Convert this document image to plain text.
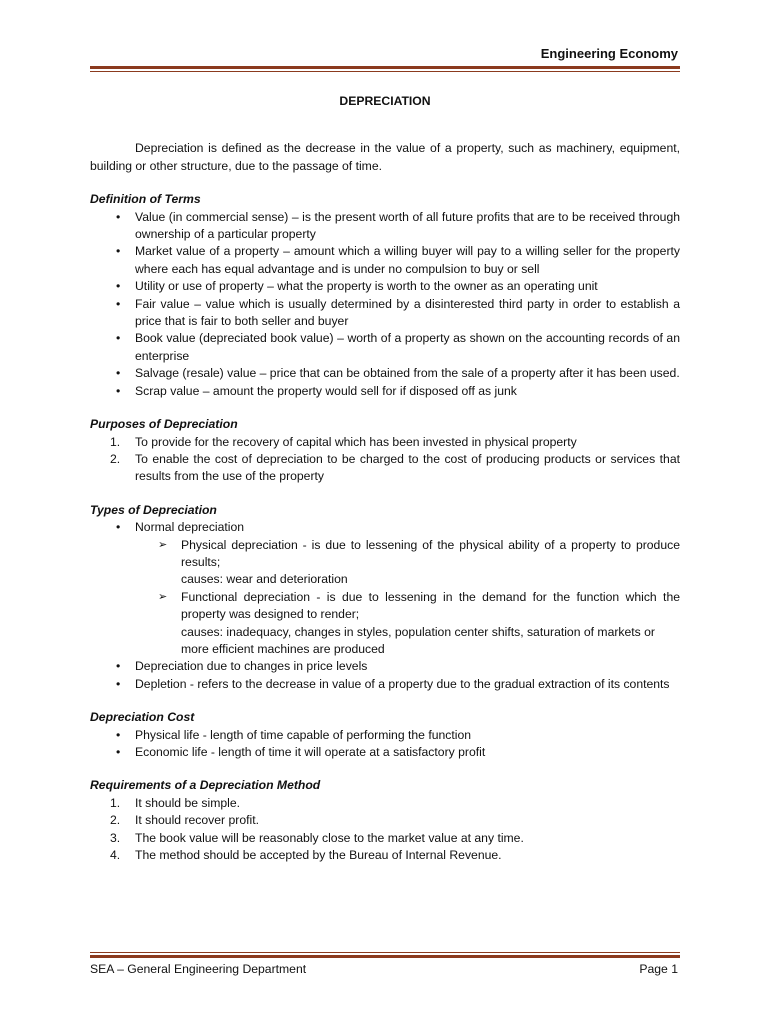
Engineering Economy

DEPRECIATION

Depreciation is defined as the decrease in the value of a property, such as machinery, equipment, building or other structure, due to the passage of time.

Definition of Terms

• Value (in commercial sense) – is the present worth of all future profits that are to be received through ownership of a particular property
• Market value of a property – amount which a willing buyer will pay to a willing seller for the property where each has equal advantage and is under no compulsion to buy or sell
• Utility or use of property – what the property is worth to the owner as an operating unit
• Fair value – value which is usually determined by a disinterested third party in order to establish a price that is fair to both seller and buyer
• Book value (depreciated book value) – worth of a property as shown on the accounting records of an enterprise
• Salvage (resale) value – price that can be obtained from the sale of a property after it has been used.
• Scrap value – amount the property would sell for if disposed off as junk

Purposes of Depreciation

1. To provide for the recovery of capital which has been invested in physical property
2. To enable the cost of depreciation to be charged to the cost of producing products or services that results from the use of the property

Types of Depreciation

• Normal depreciation
➢ Physical depreciation - is due to lessening of the physical ability of a property to produce results;
causes: wear and deterioration
➢ Functional depreciation - is due to lessening in the demand for the function which the property was designed to render;
causes: inadequacy, changes in styles, population center shifts, saturation of markets or more efficient machines are produced
• Depreciation due to changes in price levels
• Depletion - refers to the decrease in value of a property due to the gradual extraction of its contents

Depreciation Cost

• Physical life - length of time capable of performing the function
• Economic life - length of time it will operate at a satisfactory profit

Requirements of a Depreciation Method

1. It should be simple.
2. It should recover profit.
3. The book value will be reasonably close to the market value at any time.
4. The method should be accepted by the Bureau of Internal Revenue.
SEA – General Engineering Department	Page 1
